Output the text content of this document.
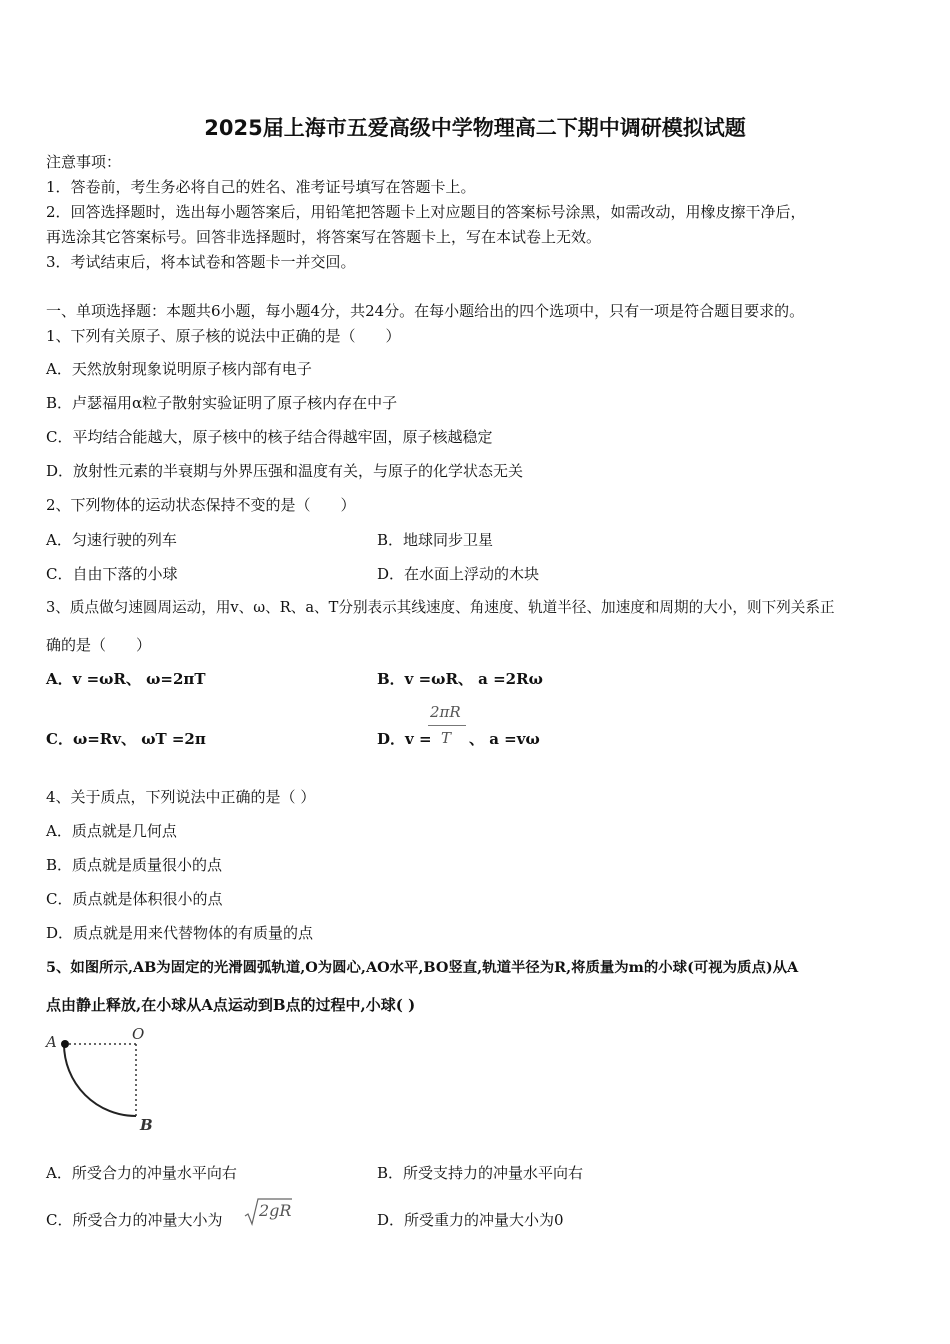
2025届上海市五爱高级中学物理高二下期中调研模拟试题
注意事项：
1．答卷前，考生务必将自己的姓名、准考证号填写在答题卡上。
2．回答选择题时，选出每小题答案后，用铅笔把答题卡上对应题目的答案标号涂黑，如需改动，用橡皮擦干净后，
再选涂其它答案标号。回答非选择题时，将答案写在答题卡上，写在本试卷上无效。
3．考试结束后，将本试卷和答题卡一并交回。
一、单项选择题：本题共6小题，每小题4分，共24分。在每小题给出的四个选项中，只有一项是符合题目要求的。
1、下列有关原子、原子核的说法中正确的是（　　）
A．天然放射现象说明原子核内部有电子
B．卢瑟福用α粒子散射实验证明了原子核内存在中子
C．平均结合能越大，原子核中的核子结合得越牢固，原子核越稳定
D．放射性元素的半衰期与外界压强和温度有关，与原子的化学状态无关
2、下列物体的运动状态保持不变的是（　　）
A．匀速行驶的列车	B．地球同步卫星
C．自由下落的小球	D．在水面上浮动的木块
3、质点做匀速圆周运动，用v、ω、R、a、T分别表示其线速度、角速度、轨道半径、加速度和周期的大小，则下列关系正
确的是（　　）
A．v =ωR、 ω=2πT	B．v =ωR、 a =2Rω
C．ω=Rv、 ωT =2π	D．v =
2πR
T 、 a =vω
4、关于质点，下列说法中正确的是（ ）
A．质点就是几何点
B．质点就是质量很小的点
C．质点就是体积很小的点
D．质点就是用来代替物体的有质量的点
5、如图所示,AB为固定的光滑圆弧轨道,O为圆心,AO水平,BO竖直,轨道半径为R,将质量为m的小球(可视为质点)从A
点由静止释放,在小球从A点运动到B点的过程中,小球( )
A	O
B
A．所受合力的冲量水平向右	B．所受支持力的冲量水平向右
C．所受合力的冲量大小为 2gR	D．所受重力的冲量大小为0
